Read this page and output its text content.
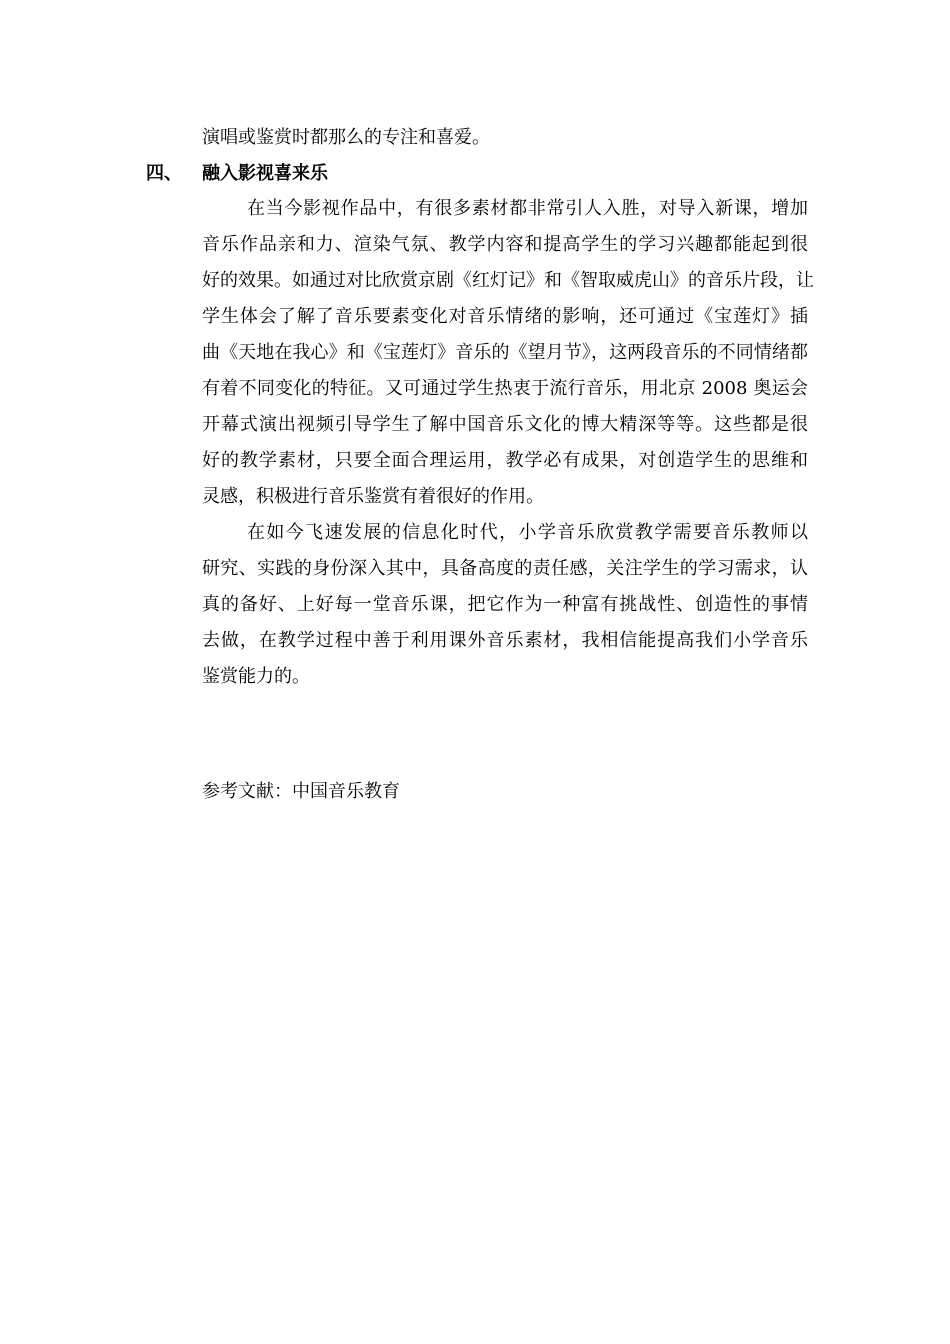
演唱或鉴赏时都那么的专注和喜爱。
四、 融入影视喜来乐
在当今影视作品中，有很多素材都非常引人入胜，对导入新课，增加
音乐作品亲和力、渲染气氛、教学内容和提高学生的学习兴趣都能起到很
好的效果。如通过对比欣赏京剧《红灯记》和《智取威虎山》的音乐片段，让
学生体会了解了音乐要素变化对音乐情绪的影响，还可通过《宝莲灯》插
曲《天地在我心》和《宝莲灯》音乐的《望月节》，这两段音乐的不同情绪都
有着不同变化的特征。又可通过学生热衷于流行音乐，用北京 2008 奥运会
开幕式演出视频引导学生了解中国音乐文化的博大精深等等。这些都是很
好的教学素材，只要全面合理运用，教学必有成果，对创造学生的思维和
灵感，积极进行音乐鉴赏有着很好的作用。
在如今飞速发展的信息化时代，小学音乐欣赏教学需要音乐教师以
研究、实践的身份深入其中，具备高度的责任感，关注学生的学习需求，认
真的备好、上好每一堂音乐课，把它作为一种富有挑战性、创造性的事情
去做，在教学过程中善于利用课外音乐素材，我相信能提高我们小学音乐
鉴赏能力的。
参考文献：中国音乐教育
